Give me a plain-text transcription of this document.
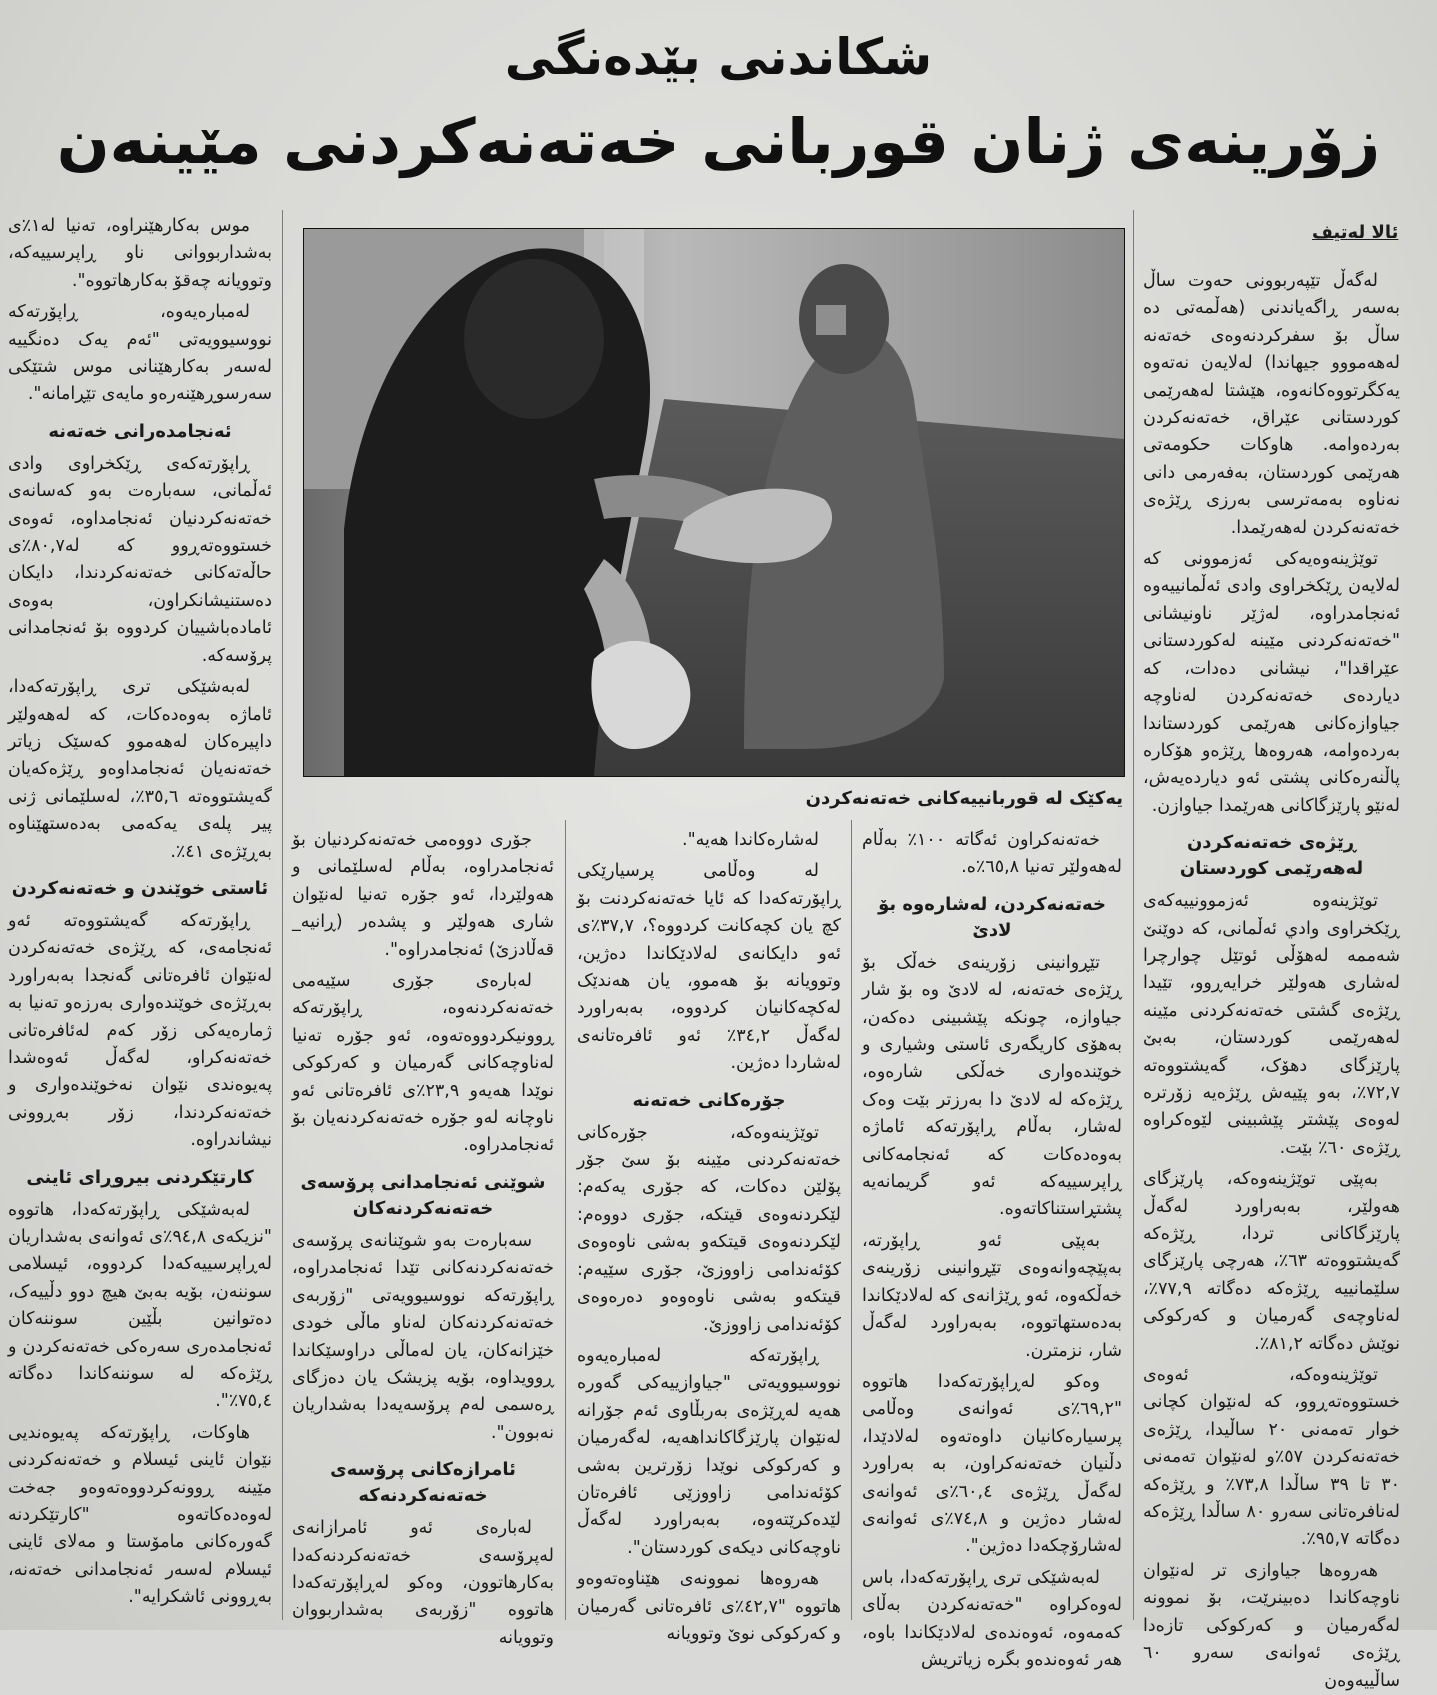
شکاندنی بێدەنگی
زۆرینەی ژنان قوربانی خەتەنەکردنی مێینەن
ئالا لەتیف
یەکێک لە قوربانییەکانی خەتەنەکردن

لەگەڵ تێپەربوونی حەوت ساڵ بەسەر ڕاگەیاندنی (هەڵمەتی دە ساڵ بۆ سفرکردنەوەی خەتەنە لەهەمووو جیهاندا) لەلایەن نەتەوە یەکگرتووەکانەوە، هێشتا لەهەرێمی کوردستانی عێراق، خەتەنەکردن بەردەوامە. هاوکات حکومەتی هەرێمی کوردستان، بەفەرمی دانی نەناوە بەمەترسی بەرزی ڕێژەی خەتەنەکردن لەهەرێمدا.

توێژینەوەیەکی ئەزموونی کە لەلایەن ڕێکخراوی وادی ئەڵمانییەوە ئەنجامدراوە، لەژێر ناونیشانی "خەتەنەکردنی مێینە لەکوردستانی عێراقدا"، نیشانی دەدات، کە دیاردەی خەتەنەکردن لەناوچە جیاوازەکانی هەرێمی کوردستاندا بەردەوامە، هەروەها ڕێژەو هۆکارە پاڵنەرەکانی پشتی ئەو دیاردەیەش، لەنێو پارێزگاکانی هەرێمدا جیاوازن.

ڕێژەی خەتەنەکردن لەهەرێمی کوردستان

توێژینەوە ئەزموونییەکەی ڕێکخراوی وادي ئەڵمانی، کە دوێنێ شەممە لەهۆڵی ئوتێل چوارچرا لەشاری هەولێر خرایەڕوو، تێیدا ڕێژەی گشتی خەتەنەکردنی مێینە لەهەرێمی کوردستان، بەبێ پارێزگای دهۆک، گەیشتووەتە ٧٢,٧٪، بەو پێیەش ڕێژەیە زۆرترە لەوەی پێشتر پێشبینی لێوەکراوە ڕێژەی ٦٠٪ بێت.

بەپێی توێژینەوەکە، پارێزگای هەولێر، بەبەراورد لەگەڵ پارێزگاکانی تردا، ڕێژەکە گەیشتووەتە ٦٣٪، هەرچی پارێزگای سلێمانییە ڕێژەکە دەگاتە ٧٧,٩٪، لەناوچەی گەرمیان و کەرکوکی نوێش دەگاتە ٨١,٢٪.

توێژینەوەکە، ئەوەی خستووەتەڕوو، کە لەنێوان کچانی خوار تەمەنی ٢٠ ساڵیدا، ڕێژەی خەتەنەکردن ٥٧٪و لەنێوان تەمەنی ٣٠ تا ٣٩ ساڵدا ٧٣,٨٪ و ڕێژەکە لەنافرەتانی سەرو ٨٠ ساڵدا ڕێژەکە دەگاتە ٩٥,٧٪.

هەروەها جیاوازی تر لەنێوان ناوچەکاندا دەبینرێت، بۆ نموونە لەگەرمیان و کەرکوکی تازەدا ڕێژەی ئەوانەی سەرو ٦٠ ساڵییەوەن

خەتەنەکراون ئەگاتە ١٠٠٪ بەڵام لەهەولێر تەنیا ٦٥,٨٪ە.

خەتەنەکردن، لەشارەوە بۆ لادێ

تێڕوانینی زۆرینەی خەڵک بۆ ڕێژەی خەتەنە، لە لادێ وە بۆ شار جیاوازە، چونکە پێشبینی دەکەن، بەهۆی کاریگەری ئاستی وشیاری و خوێندەواری خەڵکی شارەوە، ڕێژەکە لە لادێ دا بەرزتر بێت وەک لەشار، بەڵام ڕاپۆرتەکە ئاماژە بەوەدەکات کە ئەنجامەکانی ڕاپرسییەکە ئەو گریمانەیە پشتڕاستناکاتەوە.

بەپێی ئەو ڕاپۆرتە، بەپێچەوانەوەی تێڕوانینی زۆرینەی خەڵکەوە، ئەو ڕێژانەی کە لەلادێکاندا بەدەستهاتووە، بەبەراورد لەگەڵ شار، نزمترن.

وەکو لەڕاپۆرتەکەدا هاتووە "٦٩,٢٪ی ئەوانەی وەڵامی پرسیارەکانیان داوەتەوە لەلادێدا، دڵنیان خەتەنەکراون، بە بەراورد لەگەڵ ڕێژەی ٦٠,٤٪ی ئەوانەی لەشار دەژین و ٧٤,٨٪ی ئەوانەی لەشارۆچکەدا دەژین".

لەبەشێکی تری ڕاپۆرتەکەدا، باس لەوەکراوە "خەتەنەکردن بەڵای کەمەوە، ئەوەندەی لەلادێکاندا باوە، هەر ئەوەندەو بگرە زیاتریش

لەشارەکاندا هەیە".

لە وەڵامی پرسیارێکی ڕاپۆرتەکەدا کە ئایا خەتەنەکردنت بۆ کچ یان کچەکانت کردووە؟، ٣٧,٧٪ی ئەو دایکانەی لەلادێکاندا دەژین، وتوویانە بۆ هەموو، یان هەندێک لەکچەکانیان کردووە، بەبەراورد لەگەڵ ٣٤,٢٪ ئەو ئافرەتانەی لەشاردا دەژین.

جۆرەکانی خەتەنە

توێژینەوەکە، جۆرەکانی خەتەنەکردنی مێینە بۆ سێ جۆر پۆلێن دەکات، کە جۆری یەکەم: لێکردنەوەی قیتکە، جۆری دووەم: لێکردنەوەی قیتکەو بەشی ناوەوەی کۆئەندامی زاووزێ، جۆری سێیەم: قیتکەو بەشی ناوەوەو دەرەوەی کۆئەندامی زاووزێ.

ڕاپۆرتەکە لەمبارەیەوە نووسیوویەتی "جیاوازییەکی گەورە هەیە لەڕێژەی بەربڵاوی ئەم جۆرانە لەنێوان پارێزگاکانداهەیە، لەگەرمیان و کەرکوکی نوێدا زۆرترین بەشی کۆئەندامی زاووزێی ئافرەتان لێدەکرێتەوە، بەبەراورد لەگەڵ ناوچەکانی دیکەی کوردستان".

هەروەها نموونەی هێناوەتەوەو هاتووە "٤٢,٧٪ی ئافرەتانی گەرمیان و کەرکوکی نوێ وتوویانە

جۆری دووەمی خەتەنەکردنیان بۆ ئەنجامدراوە، بەڵام لەسلێمانی و هەولێردا، ئەو جۆرە تەنیا لەنێوان شاری هەولێر و پشدەر (ڕانیە_ قەڵادزێ) ئەنجامدراوە".

لەبارەی جۆری سێیەمی خەتەنەکردنەوە، ڕاپۆرتەکە ڕوونیکردووەتەوە، ئەو جۆرە تەنیا لەناوچەکانی گەرمیان و کەرکوکی نوێدا هەیەو ٢٣,٩٪ی ئافرەتانی ئەو ناوچانە لەو جۆرە خەتەنەکردنەیان بۆ ئەنجامدراوە.

شوێنی ئەنجامدانی پرۆسەی خەتەنەکردنەکان

سەبارەت بەو شوێنانەی پرۆسەی خەتەنەکردنەکانی تێدا ئەنجامدراوە، ڕاپۆرتەکە نووسیوویەتی "زۆربەی خەتەنەکردنەکان لەناو ماڵی خودی خێزانەکان، یان لەماڵی دراوسێکاندا ڕوویداوە، بۆیە پزیشک یان دەزگای ڕەسمی لەم پرۆسەیەدا بەشداریان نەبوون".

ئامرازەکانی پرۆسەی خەتەنەکردنەکە

لەبارەی ئەو ئامرازانەی لەپرۆسەی خەتەنەکردنەکەدا بەکارهاتوون، وەکو لەڕاپۆرتەکەدا هاتووە "زۆربەی بەشداربووان وتوویانە

موس بەکارهێنراوە، تەنیا لە١٪ی بەشداربووانی ناو ڕاپرسییەکە، وتوویانە چەقۆ بەکارهاتووە".

لەمبارەیەوە، ڕاپۆرتەکە نووسیوویەتی "ئەم یەک دەنگییە لەسەر بەکارهێنانی موس شتێکی سەرسوڕهێنەرەو مایەی تێڕامانە".

ئەنجامدەرانی خەتەنە

ڕاپۆرتەکەی ڕێکخراوی وادی ئەڵمانی، سەبارەت بەو کەسانەی خەتەنەکردنیان ئەنجامداوە، ئەوەی خستووەتەڕوو کە لە٨٠,٧٪ی حاڵەتەکانی خەتەنەکردندا، دایکان دەستنیشانکراون، بەوەی ئامادەباشییان کردووە بۆ ئەنجامدانی پرۆسەکە.

لەبەشێکی تری ڕاپۆرتەکەدا، ئاماژە بەوەدەکات، کە لەهەولێر داپیرەکان لەهەموو کەسێک زیاتر خەتەنەیان ئەنجامداوەو ڕێژەکەیان گەیشتووەتە ٣٥,٦٪، لەسلێمانی ژنی پیر پلەی یەکەمی بەدەستهێناوە بەڕێژەی ٤١٪.

ئاستی خوێندن و خەتەنەکردن

ڕاپۆرتەکە گەیشتووەتە ئەو ئەنجامەی، کە ڕێژەی خەتەنەکردن لەنێوان ئافرەتانی گەنجدا بەبەراورد بەڕێژەی خوێندەواری بەرزەو تەنیا بە ژمارەیەکی زۆر کەم لەئافرەتانی خەتەنەکراو، لەگەڵ ئەوەشدا پەیوەندی نێوان نەخوێندەواری و خەتەنەکردندا، زۆر بەڕوونی نیشاندراوە.

کارتێکردنی بیروڕای ئاینی

لەبەشێکی ڕاپۆرتەکەدا، هاتووە "نزیکەی ٩٤,٨٪ی ئەوانەی بەشداریان لەڕاپرسییەکەدا کردووە، ئیسلامی سوننەن، بۆیە بەبێ هیچ دوو دڵییەک، دەتوانین بڵێین سوننەکان ئەنجامدەری سەرەکی خەتەنەکردن و ڕێژەکە لە سوننەکاندا دەگاتە ٧٥,٤٪".

هاوکات، ڕاپۆرتەکە پەیوەندیی نێوان ئاینی ئیسلام و خەتەنەکردنی مێینە ڕوونەکردووەتەوەو جەخت لەوەدەکاتەوە "کارتێکردنە گەورەکانی مامۆستا و مەلای ئاینی ئیسلام لەسەر ئەنجامدانی خەتەنە، بەڕوونی ئاشکرایە".
